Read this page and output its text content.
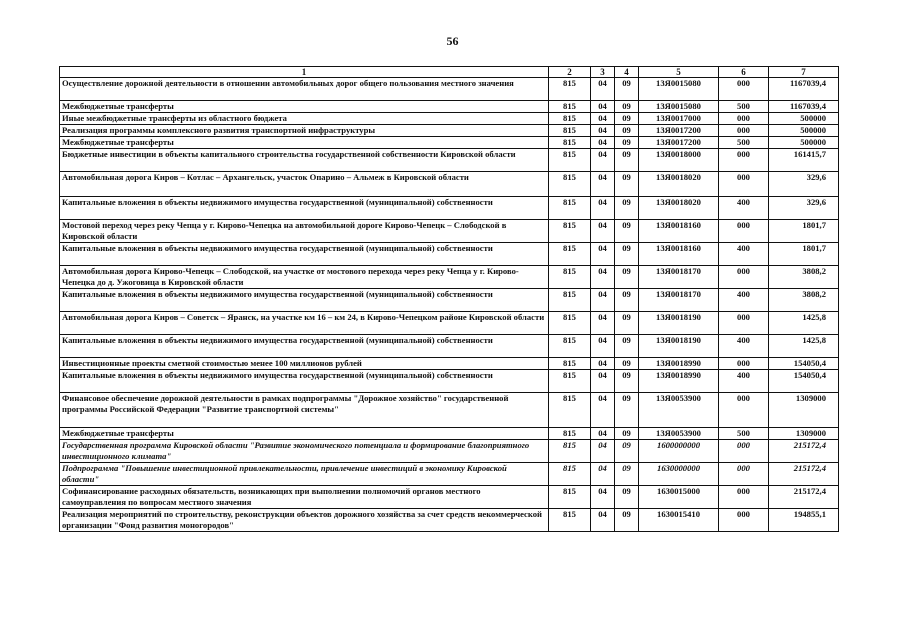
56
1	2	3	4	5	6	7
Осуществление дорожной деятельности в отношении автомобильных дорог общего пользования местного значения	815	04	09	13Я0015080	000	1167039,4
Межбюджетные трансферты	815	04	09	13Я0015080	500	1167039,4
Иные межбюджетные трансферты из областного бюджета	815	04	09	13Я0017000	000	500000
Реализация программы комплексного развития транспортной инфраструктуры	815	04	09	13Я0017200	000	500000
Межбюджетные трансферты	815	04	09	13Я0017200	500	500000
Бюджетные инвестиции в объекты капитального строительства государственной собственности Кировской области	815	04	09	13Я0018000	000	161415,7
Автомобильная дорога Киров – Котлас – Архангельск, участок Опарино – Альмеж в Кировской области	815	04	09	13Я0018020	000	329,6
Капитальные вложения в объекты недвижимого имущества государственной (муниципальной) собственности	815	04	09	13Я0018020	400	329,6
Мостовой переход через реку Чепца у г. Кирово-Чепецка на автомобильной дороге Кирово-Чепецк – Слободской в Кировской области	815	04	09	13Я0018160	000	1801,7
Капитальные вложения в объекты недвижимого имущества государственной (муниципальной) собственности	815	04	09	13Я0018160	400	1801,7
Автомобильная дорога Кирово-Чепецк – Слободской, на участке от мостового перехода через реку Чепца у г. Кирово-Чепецка до д. Ужоговица в Кировской области	815	04	09	13Я0018170	000	3808,2
Капитальные вложения в объекты недвижимого имущества государственной (муниципальной) собственности	815	04	09	13Я0018170	400	3808,2
Автомобильная дорога Киров – Советск – Яранск, на участке км 16 – км 24, в Кирово-Чепецком районе Кировской области	815	04	09	13Я0018190	000	1425,8
Капитальные вложения в объекты недвижимого имущества государственной (муниципальной) собственности	815	04	09	13Я0018190	400	1425,8
Инвестиционные проекты сметной стоимостью менее 100 миллионов рублей	815	04	09	13Я0018990	000	154050,4
Капитальные вложения в объекты недвижимого имущества государственной (муниципальной) собственности	815	04	09	13Я0018990	400	154050,4
Финансовое обеспечение дорожной деятельности в рамках подпрограммы "Дорожное хозяйство" государственной программы Российской Федерации "Развитие транспортной системы"	815	04	09	13Я0053900	000	1309000
Межбюджетные трансферты	815	04	09	13Я0053900	500	1309000
Государственная программа Кировской области "Развитие экономического потенциала и формирование благоприятного инвестиционного климата"	815	04	09	1600000000	000	215172,4
Подпрограмма "Повышение инвестиционной привлекательности, привлечение инвестиций в экономику Кировской области"	815	04	09	1630000000	000	215172,4
Софинансирование расходных обязательств, возникающих при выполнении полномочий органов местного самоуправления по вопросам местного значения	815	04	09	1630015000	000	215172,4
Реализация мероприятий по строительству, реконструкции объектов дорожного хозяйства за счет средств некоммерческой организации "Фонд развития моногородов"	815	04	09	1630015410	000	194855,1
